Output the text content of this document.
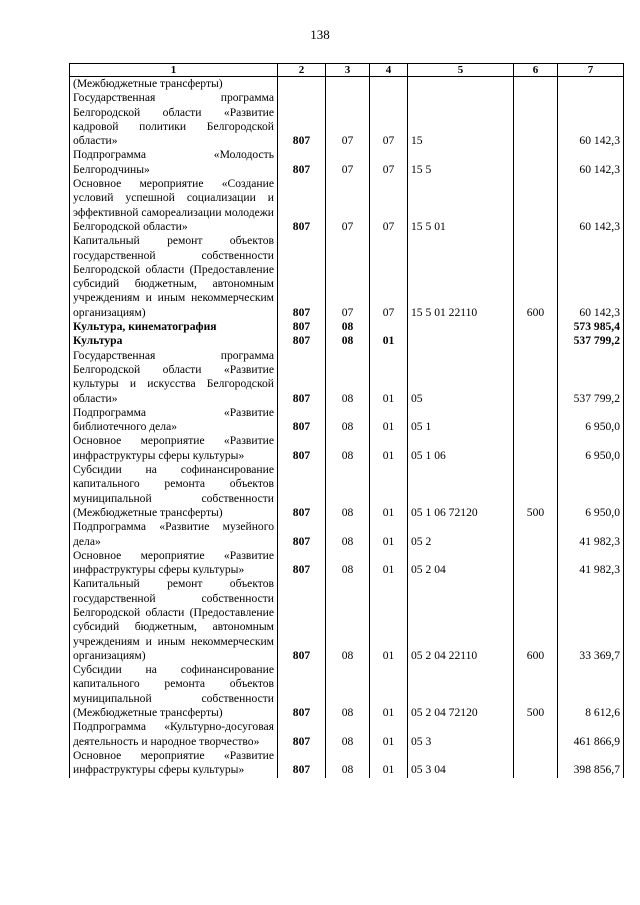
138
1	2	3	4	5	6	7
(Межбюджетные трансферты)						
Государственная программа Белгородской области «Развитие кадровой политики Белгородской области»	807	07	07	15		60 142,3
Подпрограмма «Молодость Белгородчины»	807	07	07	15 5		60 142,3
Основное мероприятие «Создание условий успешной социализации и эффективной самореализации молодежи Белгородской области»	807	07	07	15 5 01		60 142,3
Капитальный ремонт объектов государственной собственности Белгородской области (Предоставление субсидий бюджетным, автономным учреждениям и иным некоммерческим организациям)	807	07	07	15 5 01 22110	600	60 142,3
Культура, кинематография	807	08				573 985,4
Культура	807	08	01			537 799,2
Государственная программа Белгородской области «Развитие культуры и искусства Белгородской области»	807	08	01	05		537 799,2
Подпрограмма «Развитие библиотечного дела»	807	08	01	05 1		6 950,0
Основное мероприятие «Развитие инфраструктуры сферы культуры»	807	08	01	05 1 06		6 950,0
Субсидии на софинансирование капитального ремонта объектов муниципальной собственности (Межбюджетные трансферты)	807	08	01	05 1 06 72120	500	6 950,0
Подпрограмма «Развитие музейного дела»	807	08	01	05 2		41 982,3
Основное мероприятие «Развитие инфраструктуры сферы культуры»	807	08	01	05 2 04		41 982,3
Капитальный ремонт объектов государственной собственности Белгородской области (Предоставление субсидий бюджетным, автономным учреждениям и иным некоммерческим организациям)	807	08	01	05 2 04 22110	600	33 369,7
Субсидии на софинансирование капитального ремонта объектов муниципальной собственности (Межбюджетные трансферты)	807	08	01	05 2 04 72120	500	8 612,6
Подпрограмма «Культурно-досуговая деятельность и народное творчество»	807	08	01	05 3		461 866,9
Основное мероприятие «Развитие инфраструктуры сферы культуры»	807	08	01	05 3 04		398 856,7
